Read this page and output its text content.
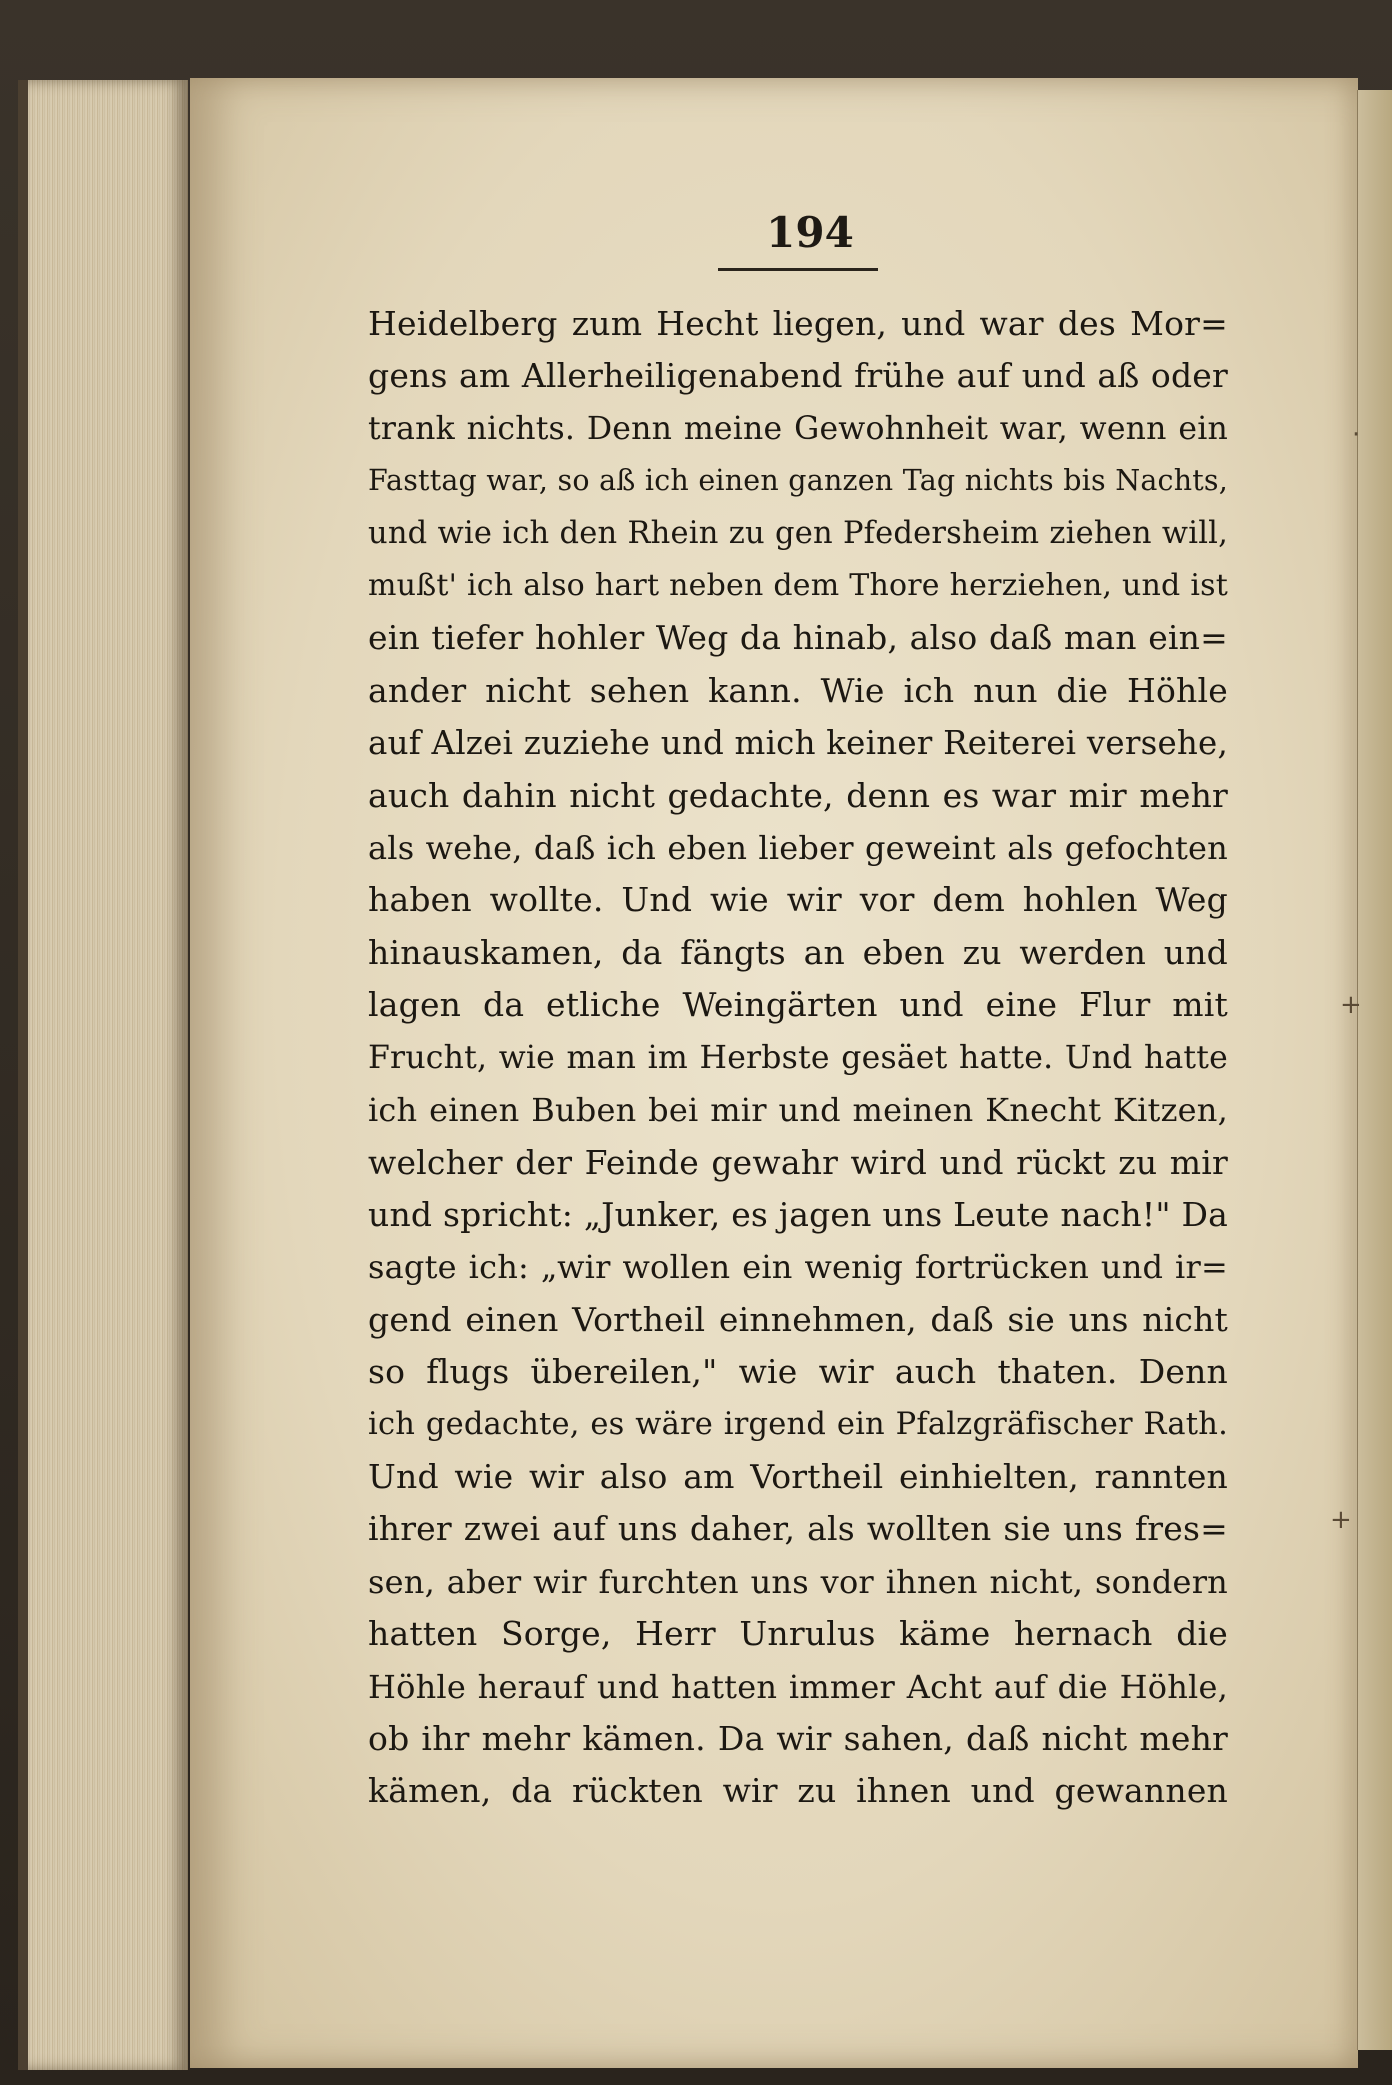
·
+
+
194
Heidelberg zum Hecht liegen, und war des Mor=
gens am Allerheiligenabend frühe auf und aß oder
trank nichts. Denn meine Gewohnheit war, wenn ein
Fasttag war, so aß ich einen ganzen Tag nichts bis Nachts,
und wie ich den Rhein zu gen Pfedersheim ziehen will,
mußt' ich also hart neben dem Thore herziehen, und ist
ein tiefer hohler Weg da hinab, also daß man ein=
ander nicht sehen kann. Wie ich nun die Höhle
auf Alzei zuziehe und mich keiner Reiterei versehe,
auch dahin nicht gedachte, denn es war mir mehr
als wehe, daß ich eben lieber geweint als gefochten
haben wollte. Und wie wir vor dem hohlen Weg
hinauskamen, da fängts an eben zu werden und
lagen da etliche Weingärten und eine Flur mit
Frucht, wie man im Herbste gesäet hatte. Und hatte
ich einen Buben bei mir und meinen Knecht Kitzen,
welcher der Feinde gewahr wird und rückt zu mir
und spricht: „Junker, es jagen uns Leute nach!" Da
sagte ich: „wir wollen ein wenig fortrücken und ir=
gend einen Vortheil einnehmen, daß sie uns nicht
so flugs übereilen," wie wir auch thaten. Denn
ich gedachte, es wäre irgend ein Pfalzgräfischer Rath.
Und wie wir also am Vortheil einhielten, rannten
ihrer zwei auf uns daher, als wollten sie uns fres=
sen, aber wir furchten uns vor ihnen nicht, sondern
hatten Sorge, Herr Unrulus käme hernach die
Höhle herauf und hatten immer Acht auf die Höhle,
ob ihr mehr kämen. Da wir sahen, daß nicht mehr
kämen, da rückten wir zu ihnen und gewannen
